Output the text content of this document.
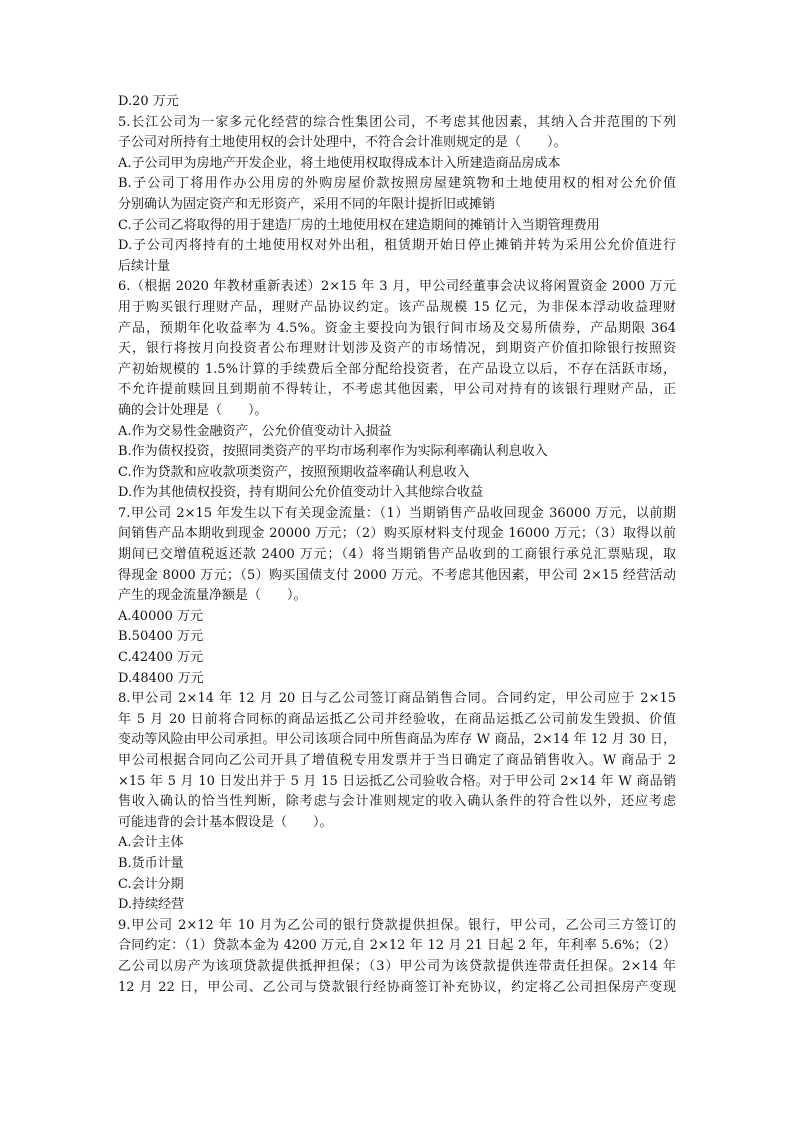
D.20 万元
5.长江公司为一家多元化经营的综合性集团公司，不考虑其他因素，其纳入合并范围的下列
子公司对所持有土地使用权的会计处理中，不符合会计准则规定的是（　　）。
A.子公司甲为房地产开发企业，将土地使用权取得成本计入所建造商品房成本
B.子公司丁将用作办公用房的外购房屋价款按照房屋建筑物和土地使用权的相对公允价值
分别确认为固定资产和无形资产，采用不同的年限计提折旧或摊销
C.子公司乙将取得的用于建造厂房的土地使用权在建造期间的摊销计入当期管理费用
D.子公司丙将持有的土地使用权对外出租，租赁期开始日停止摊销并转为采用公允价值进行
后续计量
6.（根据 2020 年教材重新表述）2×15 年 3 月，甲公司经董事会决议将闲置资金 2000 万元
用于购买银行理财产品，理财产品协议约定。该产品规模 15 亿元，为非保本浮动收益理财
产品，预期年化收益率为 4.5%。资金主要投向为银行间市场及交易所债券，产品期限 364
天，银行将按月向投资者公布理财计划涉及资产的市场情况，到期资产价值扣除银行按照资
产初始规模的 1.5%计算的手续费后全部分配给投资者，在产品设立以后，不存在活跃市场，
不允许提前赎回且到期前不得转让，不考虑其他因素，甲公司对持有的该银行理财产品，正
确的会计处理是（　　）。
A.作为交易性金融资产，公允价值变动计入损益
B.作为债权投资，按照同类资产的平均市场利率作为实际利率确认利息收入
C.作为贷款和应收款项类资产，按照预期收益率确认利息收入
D.作为其他债权投资，持有期间公允价值变动计入其他综合收益
7.甲公司 2×15 年发生以下有关现金流量：（1）当期销售产品收回现金 36000 万元，以前期
间销售产品本期收到现金 20000 万元；（2）购买原材料支付现金 16000 万元；（3）取得以前
期间已交增值税返还款 2400 万元；（4）将当期销售产品收到的工商银行承兑汇票贴现，取
得现金 8000 万元；（5）购买国债支付 2000 万元。不考虑其他因素，甲公司 2×15 经营活动
产生的现金流量净额是（　　）。
A.40000 万元
B.50400 万元
C.42400 万元
D.48400 万元
8.甲公司 2×14 年 12 月 20 日与乙公司签订商品销售合同。合同约定，甲公司应于 2×15
年 5 月 20 日前将合同标的商品运抵乙公司并经验收，在商品运抵乙公司前发生毁损、价值
变动等风险由甲公司承担。甲公司该项合同中所售商品为库存 W 商品，2×14 年 12 月 30 日，
甲公司根据合同向乙公司开具了增值税专用发票并于当日确定了商品销售收入。W 商品于 2
×15 年 5 月 10 日发出并于 5 月 15 日运抵乙公司验收合格。对于甲公司 2×14 年 W 商品销
售收入确认的恰当性判断，除考虑与会计准则规定的收入确认条件的符合性以外，还应考虑
可能违背的会计基本假设是（　　）。
A.会计主体
B.货币计量
C.会计分期
D.持续经营
9.甲公司 2×12 年 10 月为乙公司的银行贷款提供担保。银行，甲公司，乙公司三方签订的
合同约定：（1）贷款本金为 4200 万元,自 2×12 年 12 月 21 日起 2 年，年利率 5.6%；（2）
乙公司以房产为该项贷款提供抵押担保；（3）甲公司为该贷款提供连带责任担保。2×14 年
12 月 22 日，甲公司、乙公司与贷款银行经协商签订补充协议，约定将乙公司担保房产变现
